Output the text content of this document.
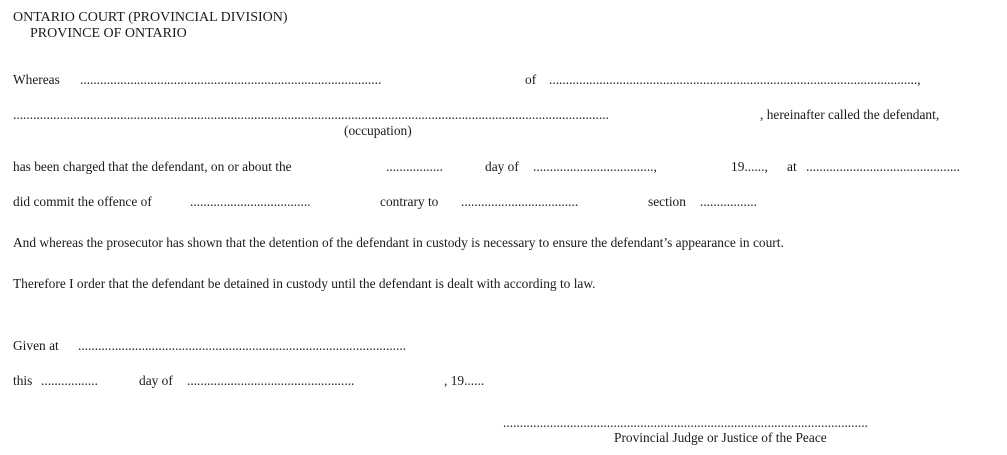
ONTARIO COURT (PROVINCIAL DIVISION)
PROVINCE OF ONTARIO
Whereas ..........................................................................................	of ..............................................................................................................,
..................................................................................................................................................................................	, hereinafter called the defendant,
(occupation)
has been charged that the defendant, on or about the	.................	day of ....................................,	19......, at ..............................................
did commit the offence of	....................................	contrary to ...................................	section .................
And whereas the prosecutor has shown that the detention of the defendant in custody is necessary to ensure the defendant’s appearance in court.
Therefore I order that the defendant be detained in custody until the defendant is dealt with according to law.
Given at ..................................................................................................
this .................	day of ..................................................	, 19......
.............................................................................................................
Provincial Judge or Justice of the Peace
